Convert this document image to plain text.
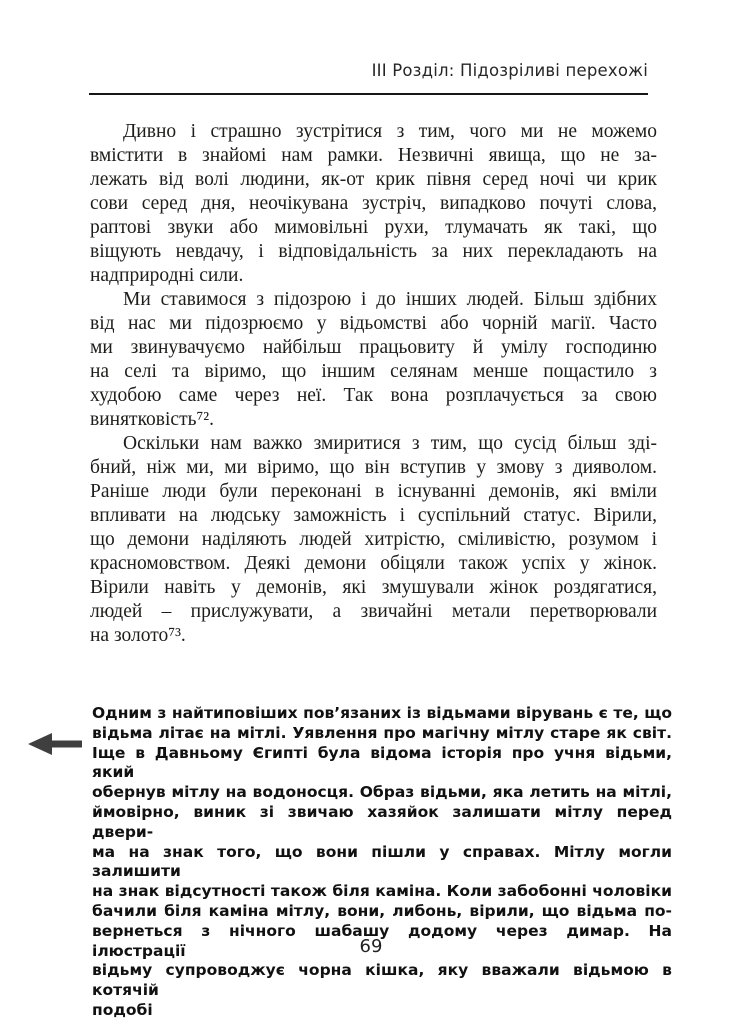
ІІІ Розділ: Підозріливі перехожі
Дивно і страшно зустрітися з тим, чого ми не можемо
вмістити в знайомі нам рамки. Незвичні явища, що не за-
лежать від волі людини, як-от крик півня серед ночі чи крик
сови серед дня, неочікувана зустріч, випадково почуті слова,
раптові звуки або мимовільні рухи, тлумачать як такі, що
віщують невдачу, і відповідальність за них перекладають на
надприродні сили.
Ми ставимося з підозрою і до інших людей. Більш здібних
від нас ми підозрюємо у відьомстві або чорній магії. Часто
ми звинувачуємо найбільш працьовиту й умілу господиню
на селі та віримо, що іншим селянам менше пощастило з
худобою саме через неї. Так вона розплачується за свою
винятковість⁷².
Оскільки нам важко змиритися з тим, що сусід більш зді-
бний, ніж ми, ми віримо, що він вступив у змову з дияволом.
Раніше люди були переконані в існуванні демонів, які вміли
впливати на людську заможність і суспільний статус. Вірили,
що демони наділяють людей хитрістю, сміливістю, розумом і
красномовством. Деякі демони обіцяли також успіх у жінок.
Вірили навіть у демонів, які змушували жінок роздягатися,
людей – прислужувати, а звичайні метали перетворювали
на золото⁷³.
Одним з найтиповіших пов’язаних із відьмами вірувань є те, що
відьма літає на мітлі. Уявлення про магічну мітлу старе як світ.
Іще в Давньому Єгипті була відома історія про учня відьми, який
обернув мітлу на водоносця. Образ відьми, яка летить на мітлі,
ймовірно, виник зі звичаю хазяйок залишати мітлу перед двери-
ма на знак того, що вони пішли у справах. Мітлу могли залишити
на знак відсутності також біля каміна. Коли забобонні чоловіки
бачили біля каміна мітлу, вони, либонь, вірили, що відьма по-
вернеться з нічного шабашу додому через димар. На ілюстрації
відьму супроводжує чорна кішка, яку вважали відьмою в котячій
подобі
69
